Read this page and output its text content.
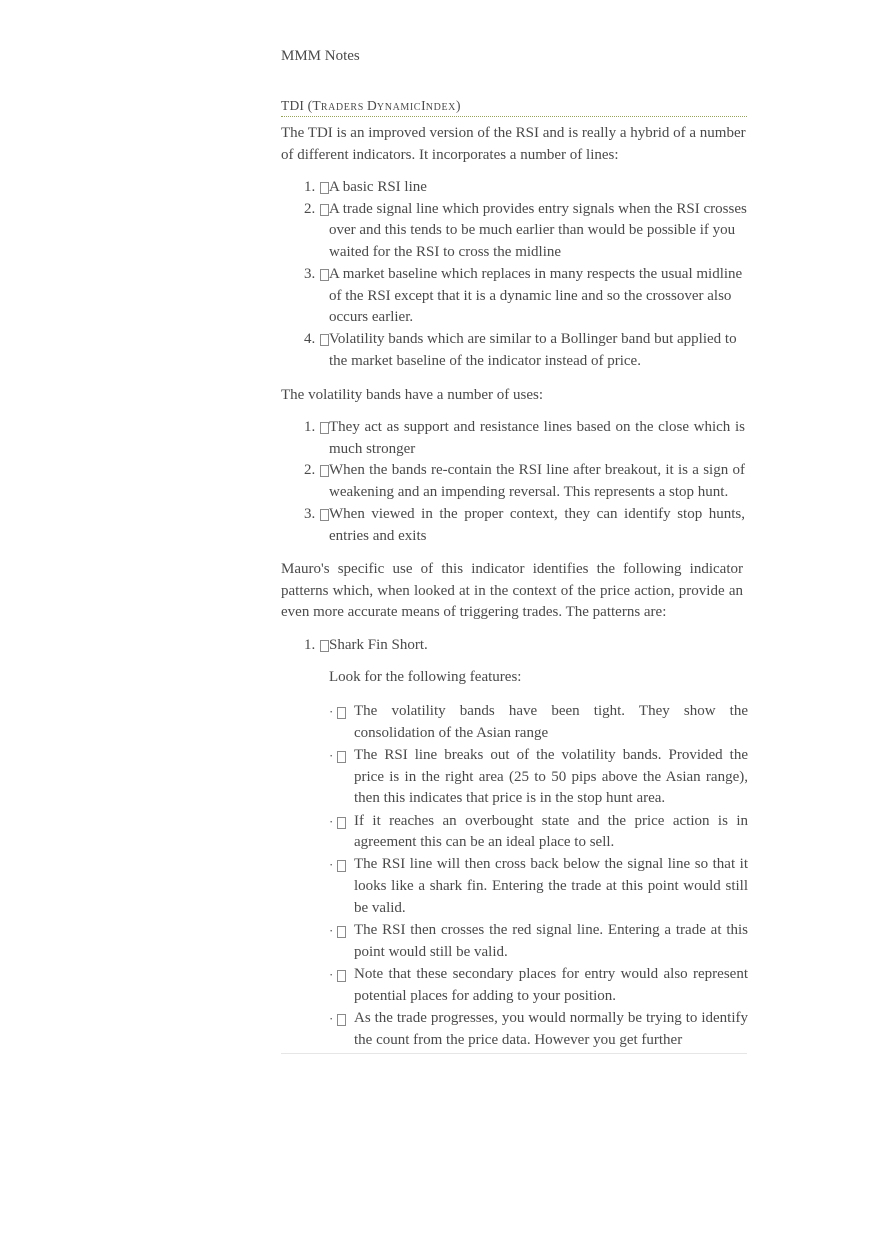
MMM Notes
TDI (TRADERS DYNAMICINDEX)
The TDI is an improved version of the RSI and is really a hybrid of a number of different indicators. It incorporates a number of lines:
1. A basic RSI line
2. A trade signal line which provides entry signals when the RSI crosses over and this tends to be much earlier than would be possible if you waited for the RSI to cross the midline
3. A market baseline which replaces in many respects the usual midline of the RSI except that it is a dynamic line and so the crossover also occurs earlier.
4. Volatility bands which are similar to a Bollinger band but applied to the market baseline of the indicator instead of price.
The volatility bands have a number of uses:
1. They act as support and resistance lines based on the close which is much stronger
2. When the bands re-contain the RSI line after breakout, it is a sign of weakening and an impending reversal. This represents a stop hunt.
3. When viewed in the proper context, they can identify stop hunts, entries and exits
Mauro's specific use of this indicator identifies the following indicator patterns which, when looked at in the context of the price action, provide an even more accurate means of triggering trades. The patterns are:
1. Shark Fin Short.
Look for the following features:
· The volatility bands have been tight. They show the consolidation of the Asian range
· The RSI line breaks out of the volatility bands. Provided the price is in the right area (25 to 50 pips above the Asian range), then this indicates that price is in the stop hunt area.
· If it reaches an overbought state and the price action is in agreement this can be an ideal place to sell.
· The RSI line will then cross back below the signal line so that it looks like a shark fin. Entering the trade at this point would still be valid.
· The RSI then crosses the red signal line. Entering a trade at this point would still be valid.
· Note that these secondary places for entry would also represent potential places for adding to your position.
· As the trade progresses, you would normally be trying to identify the count from the price data. However you get further
